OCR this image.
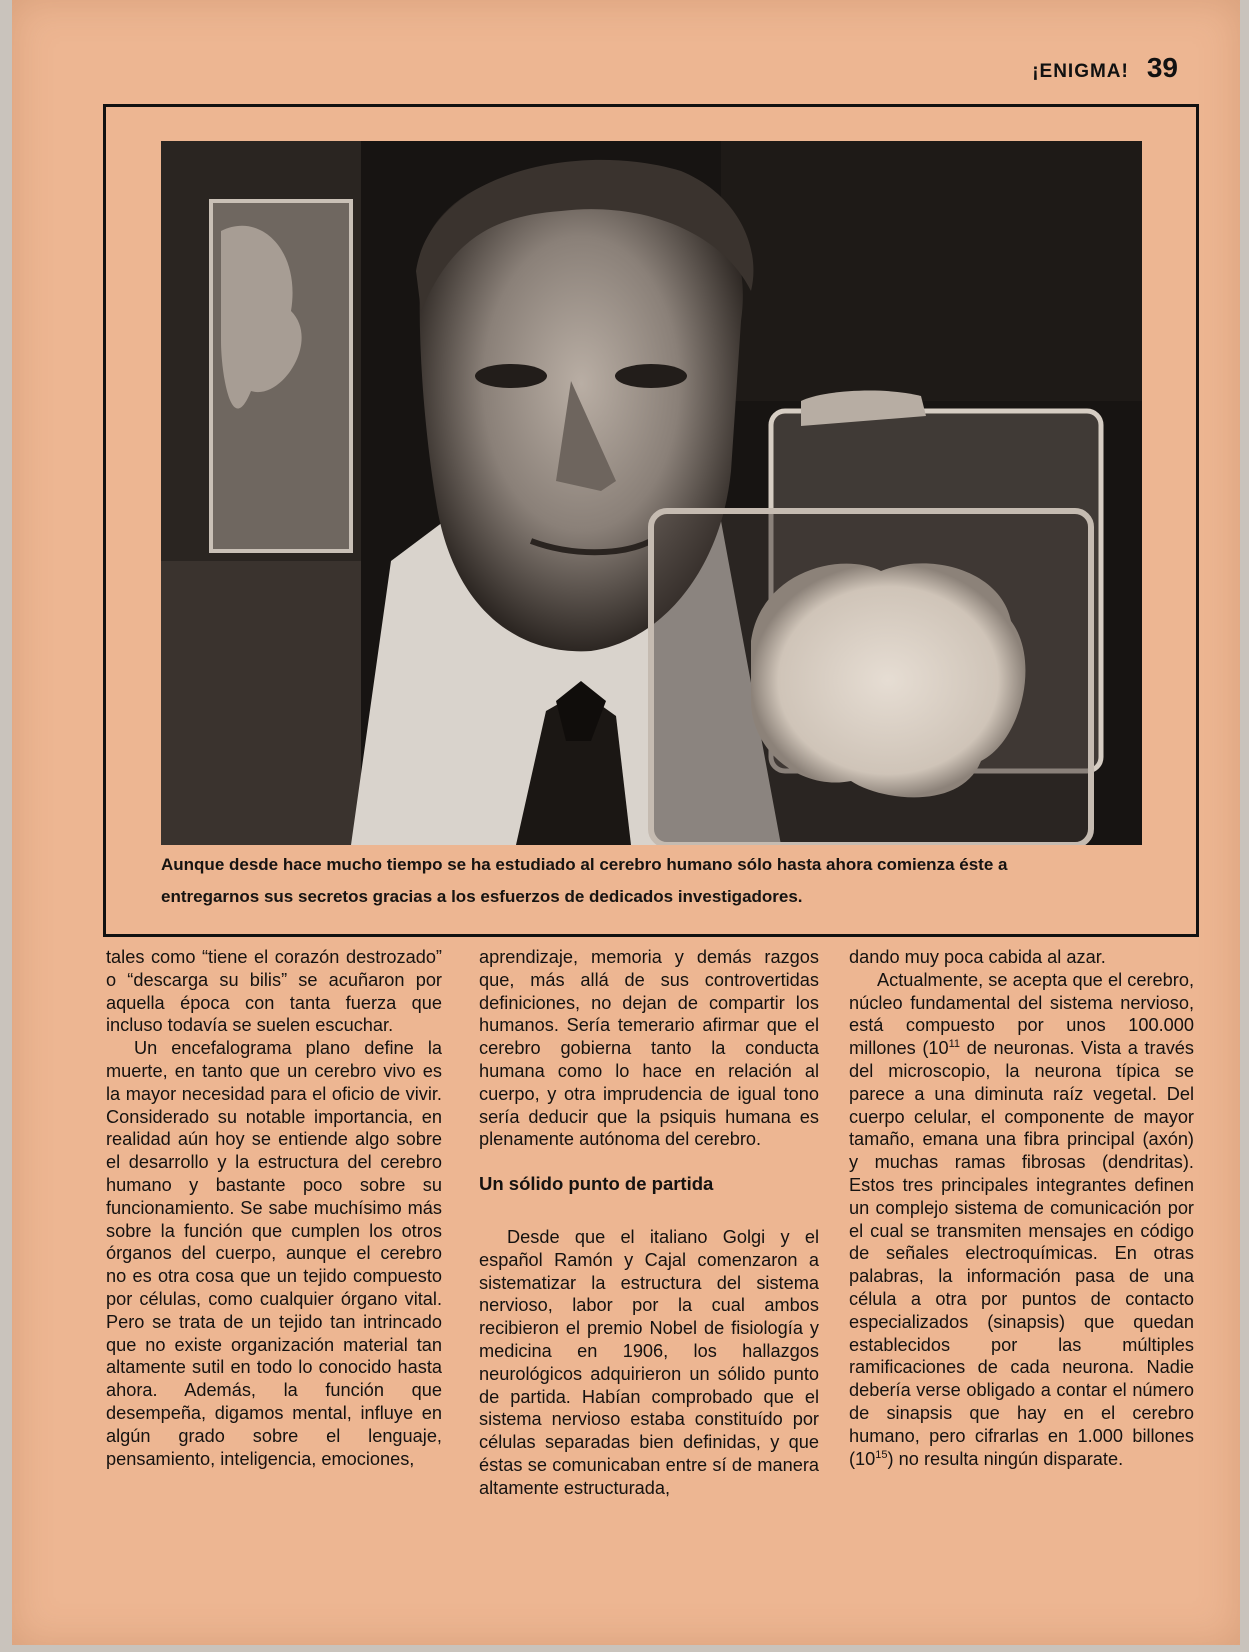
¡ENIGMA! 39
Aunque desde hace mucho tiempo se ha estudiado al cerebro humano sólo hasta ahora comienza éste a entregarnos sus secretos gracias a los esfuerzos de dedicados investigadores.

tales como “tiene el corazón destrozado” o “descarga su bilis” se acuñaron por aquella época con tanta fuerza que incluso todavía se suelen escuchar.

Un encefalograma plano define la muerte, en tanto que un cerebro vivo es la mayor necesidad para el oficio de vivir. Considerado su notable importancia, en realidad aún hoy se entiende algo sobre el desarrollo y la estructura del cerebro humano y bastante poco sobre su funcionamiento. Se sabe muchísimo más sobre la función que cumplen los otros órganos del cuerpo, aunque el cerebro no es otra cosa que un tejido compuesto por células, como cualquier órgano vital. Pero se trata de un tejido tan intrincado que no existe organización material tan altamente sutil en todo lo conocido hasta ahora. Además, la función que desempeña, digamos mental, influye en algún grado sobre el lenguaje, pensamiento, inteligencia, emociones,

aprendizaje, memoria y demás razgos que, más allá de sus controvertidas definiciones, no dejan de compartir los humanos. Sería temerario afirmar que el cerebro gobierna tanto la conducta humana como lo hace en relación al cuerpo, y otra imprudencia de igual tono sería deducir que la psiquis humana es plenamente autónoma del cerebro.

Un sólido punto de partida

Desde que el italiano Golgi y el español Ramón y Cajal comenzaron a sistematizar la estructura del sistema nervioso, labor por la cual ambos recibieron el premio Nobel de fisiología y medicina en 1906, los hallazgos neurológicos adquirieron un sólido punto de partida. Habían comprobado que el sistema nervioso estaba constituído por células separadas bien definidas, y que éstas se comunicaban entre sí de manera altamente estructurada,

dando muy poca cabida al azar.

Actualmente, se acepta que el cerebro, núcleo fundamental del sistema nervioso, está compuesto por unos 100.000 millones ($10^{11}$ de neuronas. Vista a través del microscopio, la neurona típica se parece a una diminuta raíz vegetal. Del cuerpo celular, el componente de mayor tamaño, emana una fibra principal (axón) y muchas ramas fibrosas (dendritas). Estos tres principales integrantes definen un complejo sistema de comunicación por el cual se transmiten mensajes en código de señales electroquímicas. En otras palabras, la información pasa de una célula a otra por puntos de contacto especializados (sinapsis) que quedan establecidos por las múltiples ramificaciones de cada neurona. Nadie debería verse obligado a contar el número de sinapsis que hay en el cerebro humano, pero cifrarlas en 1.000 billones $(10^{15})$ no resulta ningún disparate.
